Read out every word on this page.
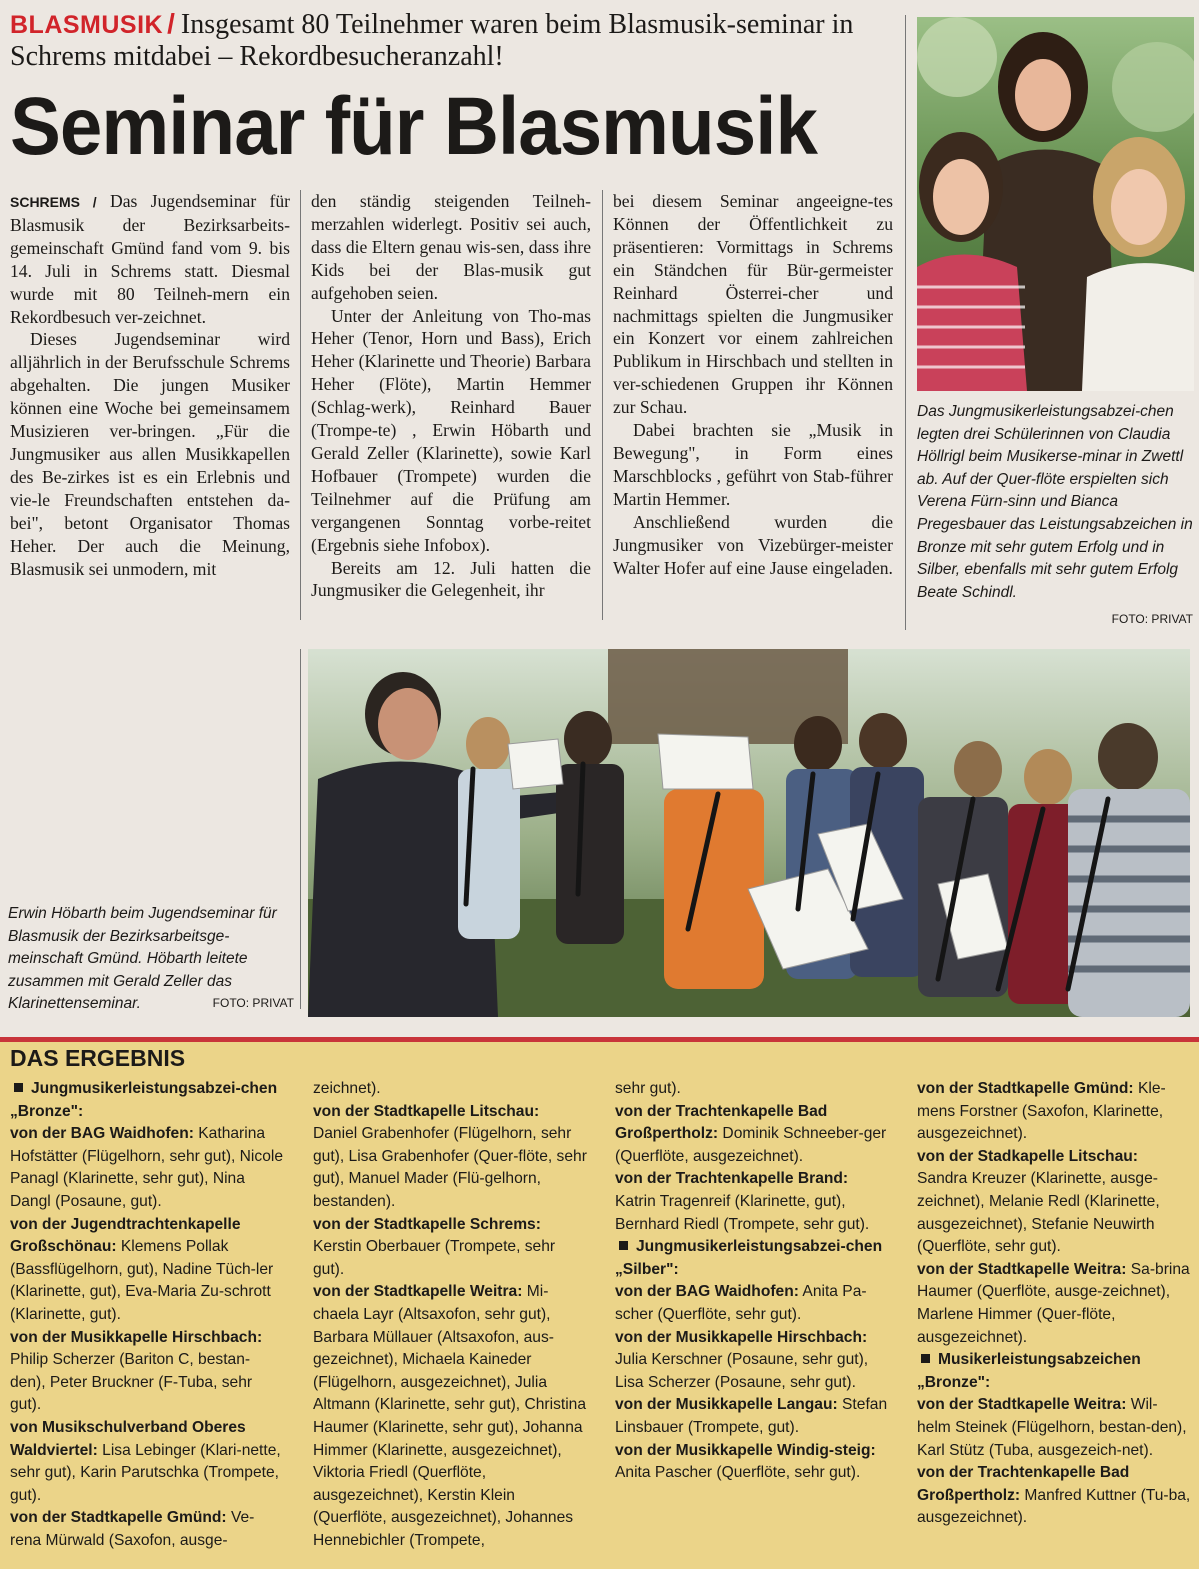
BLASMUSIK / Insgesamt 80 Teilnehmer waren beim Blasmusik-seminar in Schrems mitdabei – Rekordbesucheranzahl!

Seminar für Blasmusik

SCHREMS / Das Jugendseminar für Blasmusik der Bezirksarbeits-gemeinschaft Gmünd fand vom 9. bis 14. Juli in Schrems statt. Diesmal wurde mit 80 Teilneh-mern ein Rekordbesuch ver-zeichnet.

Dieses Jugendseminar wird alljährlich in der Berufsschule Schrems abgehalten. Die jungen Musiker können eine Woche bei gemeinsamem Musizieren ver-bringen. „Für die Jungmusiker aus allen Musikkapellen des Be-zirkes ist es ein Erlebnis und vie-le Freundschaften entstehen da-bei", betont Organisator Thomas Heher. Der auch die Meinung, Blasmusik sei unmodern, mit

den ständig steigenden Teilneh-merzahlen widerlegt. Positiv sei auch, dass die Eltern genau wis-sen, dass ihre Kids bei der Blas-musik gut aufgehoben seien.

Unter der Anleitung von Tho-mas Heher (Tenor, Horn und Bass), Erich Heher (Klarinette und Theorie) Barbara Heher (Flöte), Martin Hemmer (Schlag-werk), Reinhard Bauer (Trompe-te) , Erwin Höbarth und Gerald Zeller (Klarinette), sowie Karl Hofbauer (Trompete) wurden die Teilnehmer auf die Prüfung am vergangenen Sonntag vorbe-reitet (Ergebnis siehe Infobox).

Bereits am 12. Juli hatten die Jungmusiker die Gelegenheit, ihr

bei diesem Seminar angeeigne-tes Können der Öffentlichkeit zu präsentieren: Vormittags in Schrems ein Ständchen für Bür-germeister Reinhard Österrei-cher und nachmittags spielten die Jungmusiker ein Konzert vor einem zahlreichen Publikum in Hirschbach und stellten in ver-schiedenen Gruppen ihr Können zur Schau.

Dabei brachten sie „Musik in Bewegung", in Form eines Marschblocks , geführt von Stab-führer Martin Hemmer.

Anschließend wurden die Jungmusiker von Vizebürger-meister Walter Hofer auf eine Jause eingeladen.

Das Jungmusikerleistungsabzei-chen legten drei Schülerinnen von Claudia Höllrigl beim Musikerse-minar in Zwettl ab. Auf der Quer-flöte erspielten sich Verena Fürn-sinn und Bianca Pregesbauer das Leistungsabzeichen in Bronze mit sehr gutem Erfolg und in Silber, ebenfalls mit sehr gutem Erfolg Beate Schindl.

FOTO: PRIVAT

Erwin Höbarth beim Jugendseminar für Blasmusik der Bezirksarbeitsge-meinschaft Gmünd. Höbarth leitete zusammen mit Gerald Zeller das Klarinettenseminar.	FOTO: PRIVAT
DAS ERGEBNIS

Jungmusikerleistungsabzei-chen „Bronze":

von der BAG Waidhofen: Katharina Hofstätter (Flügelhorn, sehr gut), Nicole Panagl (Klarinette, sehr gut), Nina Dangl (Posaune, gut).

von der Jugendtrachtenkapelle Großschönau: Klemens Pollak (Bassflügelhorn, gut), Nadine Tüch-ler (Klarinette, gut), Eva-Maria Zu-schrott (Klarinette, gut).

von der Musikkapelle Hirschbach: Philip Scherzer (Bariton C, bestan-den), Peter Bruckner (F-Tuba, sehr gut).

von Musikschulverband Oberes Waldviertel: Lisa Lebinger (Klari-nette, sehr gut), Karin Parutschka (Trompete, gut).

von der Stadtkapelle Gmünd: Ve-rena Mürwald (Saxofon, ausge-

zeichnet).

von der Stadtkapelle Litschau: Daniel Grabenhofer (Flügelhorn, sehr gut), Lisa Grabenhofer (Quer-flöte, sehr gut), Manuel Mader (Flü-gelhorn, bestanden).

von der Stadtkapelle Schrems: Kerstin Oberbauer (Trompete, sehr gut).

von der Stadtkapelle Weitra: Mi-chaela Layr (Altsaxofon, sehr gut), Barbara Müllauer (Altsaxofon, aus-gezeichnet), Michaela Kaineder (Flügelhorn, ausgezeichnet), Julia Altmann (Klarinette, sehr gut), Christina Haumer (Klarinette, sehr gut), Johanna Himmer (Klarinette, ausgezeichnet), Viktoria Friedl (Querflöte, ausgezeichnet), Kerstin Klein (Querflöte, ausgezeichnet), Johannes Hennebichler (Trompete,

sehr gut).

von der Trachtenkapelle Bad Großpertholz: Dominik Schneeber-ger (Querflöte, ausgezeichnet).

von der Trachtenkapelle Brand: Katrin Tragenreif (Klarinette, gut), Bernhard Riedl (Trompete, sehr gut).

Jungmusikerleistungsabzei-chen „Silber":

von der BAG Waidhofen: Anita Pa-scher (Querflöte, sehr gut).

von der Musikkapelle Hirschbach: Julia Kerschner (Posaune, sehr gut), Lisa Scherzer (Posaune, sehr gut).

von der Musikkapelle Langau: Stefan Linsbauer (Trompete, gut).

von der Musikkapelle Windig-steig: Anita Pascher (Querflöte, sehr gut).

von der Stadtkapelle Gmünd: Kle-mens Forstner (Saxofon, Klarinette, ausgezeichnet).

von der Stadkapelle Litschau: Sandra Kreuzer (Klarinette, ausge-zeichnet), Melanie Redl (Klarinette, ausgezeichnet), Stefanie Neuwirth (Querflöte, sehr gut).

von der Stadtkapelle Weitra: Sa-brina Haumer (Querflöte, ausge-zeichnet), Marlene Himmer (Quer-flöte, ausgezeichnet).

Musikerleistungsabzeichen „Bronze":

von der Stadtkapelle Weitra: Wil-helm Steinek (Flügelhorn, bestan-den), Karl Stütz (Tuba, ausgezeich-net).

von der Trachtenkapelle Bad Großpertholz: Manfred Kuttner (Tu-ba, ausgezeichnet).
